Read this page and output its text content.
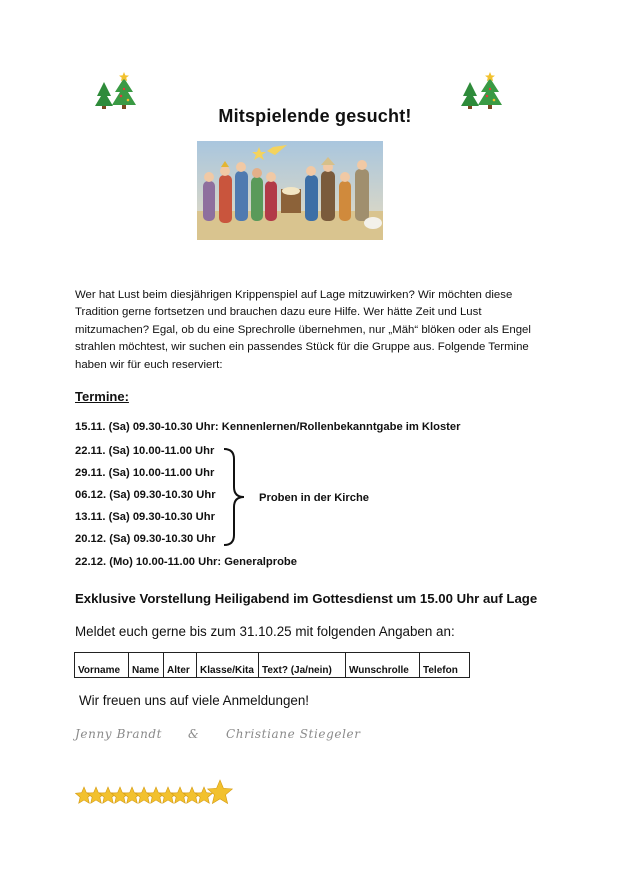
Mitspielende gesucht!

Wer hat Lust beim diesjährigen Krippenspiel auf Lage mitzuwirken? Wir möchten diese

Tradition gerne fortsetzen und brauchen dazu eure Hilfe. Wer hätte Zeit und Lust

mitzumachen? Egal, ob du eine Sprechrolle übernehmen, nur „Mäh“ blöken oder als Engel

strahlen möchtest, wir suchen ein passendes Stück für die Gruppe aus. Folgende Termine

haben wir für euch reserviert:

Termine:
15.11. (Sa) 09.30-10.30 Uhr: Kennenlernen/Rollenbekanntgabe im Kloster
22.11. (Sa) 10.00-11.00 Uhr
29.11. (Sa) 10.00-11.00 Uhr
06.12. (Sa) 09.30-10.30 Uhr
13.11. (Sa) 09.30-10.30 Uhr
20.12. (Sa) 09.30-10.30 Uhr
Proben in der Kirche
22.12. (Mo) 10.00-11.00 Uhr: Generalprobe
Exklusive Vorstellung Heiligabend im Gottesdienst um 15.00 Uhr auf Lage
Meldet euch gerne bis zum 31.10.25 mit folgenden Angaben an:
Vorname	Name	Alter	Klasse/Kita	Text? (Ja/nein)	Wunschrolle	Telefon
Wir freuen uns auf viele Anmeldungen!
Jenny Brandt & Christiane Stiegeler
